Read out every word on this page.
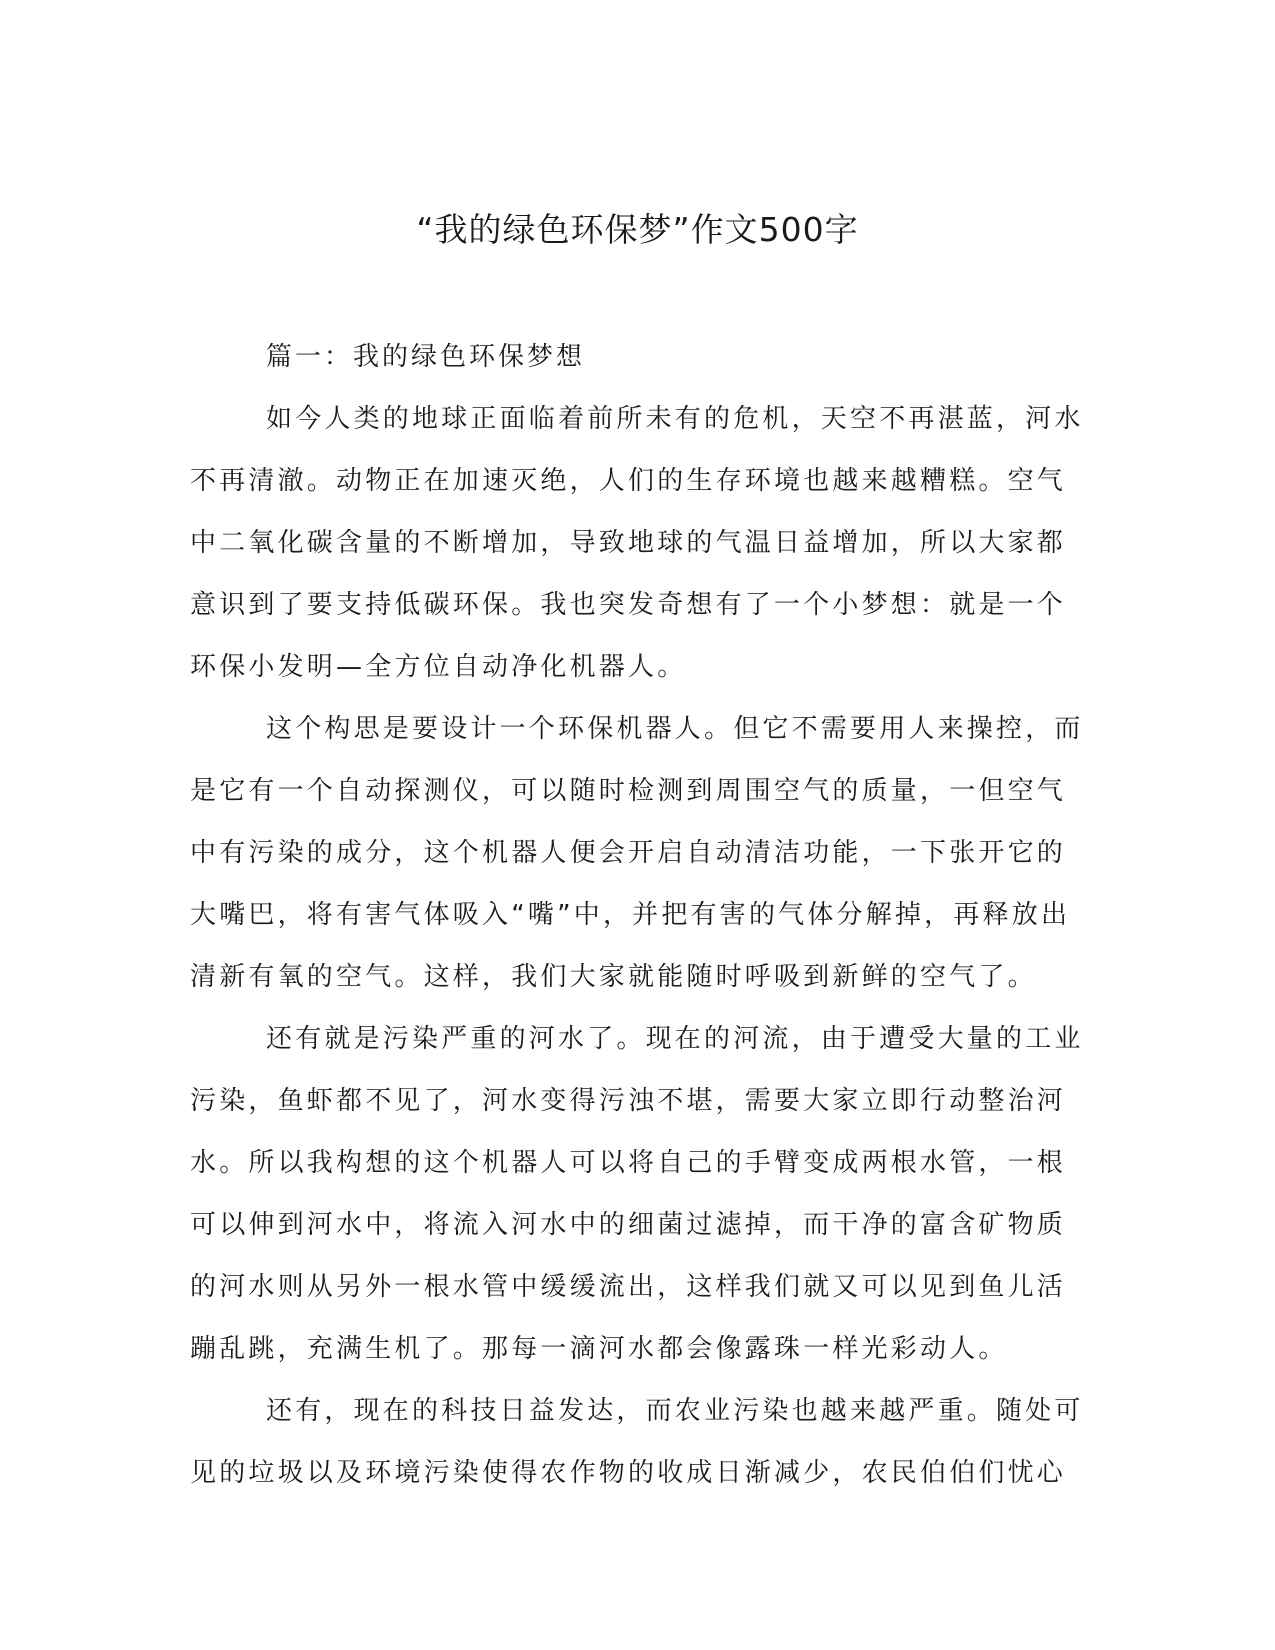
“我的绿色环保梦”作文500字

篇一：我的绿色环保梦想

如今人类的地球正面临着前所未有的危机，天空不再湛蓝，河水
不再清澈。动物正在加速灭绝，人们的生存环境也越来越糟糕。空气
中二氧化碳含量的不断增加，导致地球的气温日益增加，所以大家都
意识到了要支持低碳环保。我也突发奇想有了一个小梦想：就是一个
环保小发明—全方位自动净化机器人。
这个构思是要设计一个环保机器人。但它不需要用人来操控，而
是它有一个自动探测仪，可以随时检测到周围空气的质量，一但空气
中有污染的成分，这个机器人便会开启自动清洁功能，一下张开它的
大嘴巴，将有害气体吸入“嘴”中，并把有害的气体分解掉，再释放出
清新有氧的空气。这样，我们大家就能随时呼吸到新鲜的空气了。
还有就是污染严重的河水了。现在的河流，由于遭受大量的工业
污染，鱼虾都不见了，河水变得污浊不堪，需要大家立即行动整治河
水。所以我构想的这个机器人可以将自己的手臂变成两根水管，一根
可以伸到河水中，将流入河水中的细菌过滤掉，而干净的富含矿物质
的河水则从另外一根水管中缓缓流出，这样我们就又可以见到鱼儿活
蹦乱跳，充满生机了。那每一滴河水都会像露珠一样光彩动人。
还有，现在的科技日益发达，而农业污染也越来越严重。随处可
见的垃圾以及环境污染使得农作物的收成日渐减少，农民伯伯们忧心
